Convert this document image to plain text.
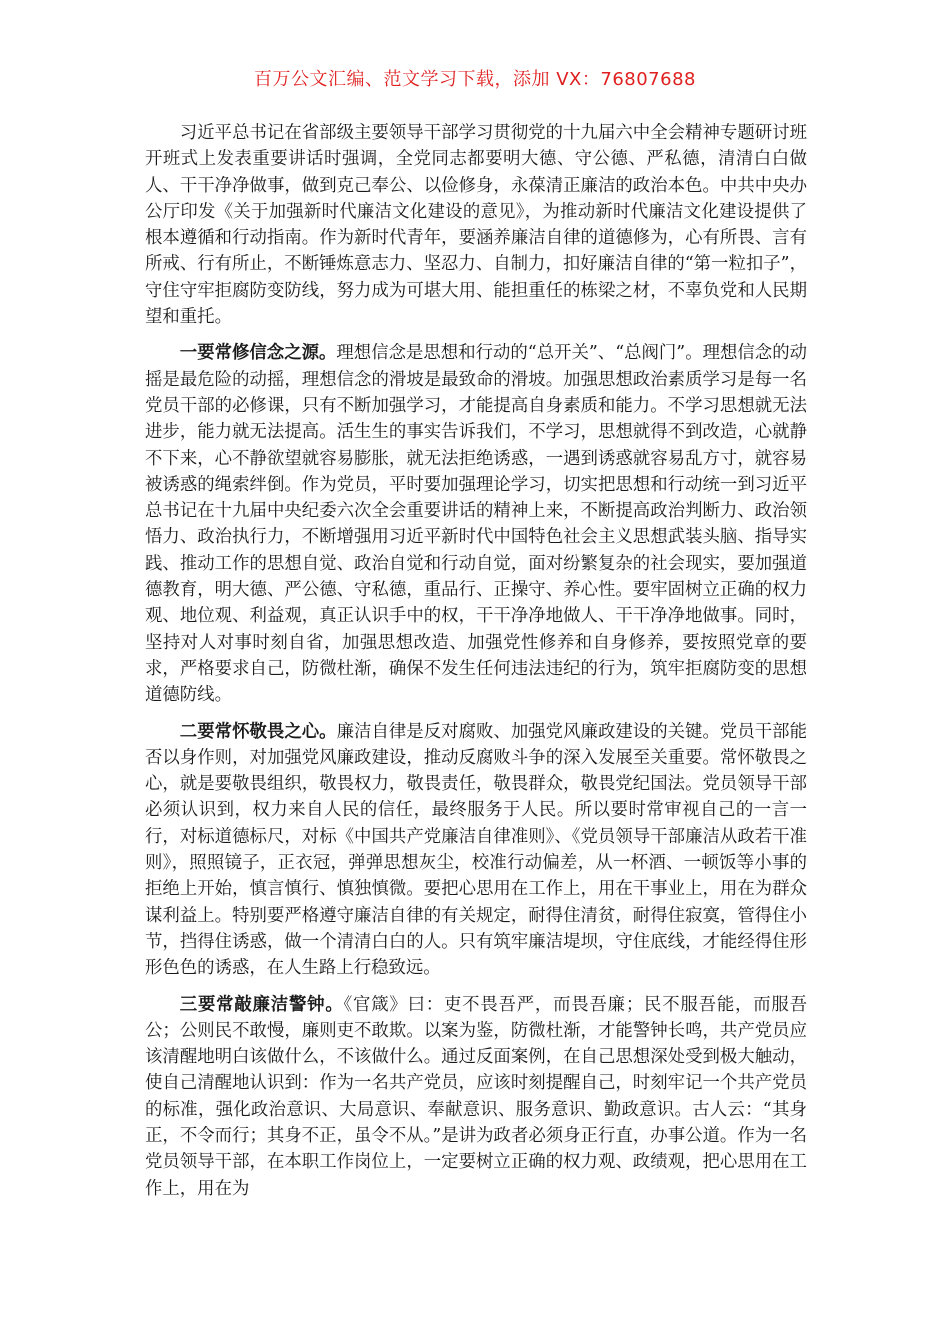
百万公文汇编、范文学习下载，添加 VX：76807688

习近平总书记在省部级主要领导干部学习贯彻党的十九届六中全会精神专题研讨班开班式上发表重要讲话时强调，全党同志都要明大德、守公德、严私德，清清白白做人、干干净净做事，做到克己奉公、以俭修身，永葆清正廉洁的政治本色。中共中央办公厅印发《关于加强新时代廉洁文化建设的意见》，为推动新时代廉洁文化建设提供了根本遵循和行动指南。作为新时代青年，要涵养廉洁自律的道德修为，心有所畏、言有所戒、行有所止，不断锤炼意志力、坚忍力、自制力，扣好廉洁自律的“第一粒扣子”，守住守牢拒腐防变防线，努力成为可堪大用、能担重任的栋梁之材，不辜负党和人民期望和重托。

一要常修信念之源。理想信念是思想和行动的“总开关”、“总阀门”。理想信念的动摇是最危险的动摇，理想信念的滑坡是最致命的滑坡。加强思想政治素质学习是每一名党员干部的必修课，只有不断加强学习，才能提高自身素质和能力。不学习思想就无法进步，能力就无法提高。活生生的事实告诉我们，不学习，思想就得不到改造，心就静不下来，心不静欲望就容易膨胀，就无法拒绝诱惑，一遇到诱惑就容易乱方寸，就容易被诱惑的绳索绊倒。作为党员，平时要加强理论学习，切实把思想和行动统一到习近平总书记在十九届中央纪委六次全会重要讲话的精神上来，不断提高政治判断力、政治领悟力、政治执行力，不断增强用习近平新时代中国特色社会主义思想武装头脑、指导实践、推动工作的思想自觉、政治自觉和行动自觉，面对纷繁复杂的社会现实，要加强道德教育，明大德、严公德、守私德，重品行、正操守、养心性。要牢固树立正确的权力观、地位观、利益观，真正认识手中的权，干干净净地做人、干干净净地做事。同时，坚持对人对事时刻自省，加强思想改造、加强党性修养和自身修养，要按照党章的要求，严格要求自己，防微杜渐，确保不发生任何违法违纪的行为，筑牢拒腐防变的思想道德防线。

二要常怀敬畏之心。廉洁自律是反对腐败、加强党风廉政建设的关键。党员干部能否以身作则，对加强党风廉政建设，推动反腐败斗争的深入发展至关重要。常怀敬畏之心，就是要敬畏组织，敬畏权力，敬畏责任，敬畏群众，敬畏党纪国法。党员领导干部必须认识到，权力来自人民的信任，最终服务于人民。所以要时常审视自己的一言一行，对标道德标尺，对标《中国共产党廉洁自律准则》、《党员领导干部廉洁从政若干准则》，照照镜子，正衣冠，弹弹思想灰尘，校准行动偏差，从一杯酒、一顿饭等小事的拒绝上开始，慎言慎行、慎独慎微。要把心思用在工作上，用在干事业上，用在为群众谋利益上。特别要严格遵守廉洁自律的有关规定，耐得住清贫，耐得住寂寞，管得住小节，挡得住诱惑，做一个清清白白的人。只有筑牢廉洁堤坝，守住底线，才能经得住形形色色的诱惑，在人生路上行稳致远。

三要常敲廉洁警钟。《官箴》曰：吏不畏吾严，而畏吾廉；民不服吾能，而服吾公；公则民不敢慢，廉则吏不敢欺。以案为鉴，防微杜渐，才能警钟长鸣，共产党员应该清醒地明白该做什么，不该做什么。通过反面案例，在自己思想深处受到极大触动，使自己清醒地认识到：作为一名共产党员，应该时刻提醒自己，时刻牢记一个共产党员的标准，强化政治意识、大局意识、奉献意识、服务意识、勤政意识。古人云：“其身正，不令而行；其身不正，虽令不从。”是讲为政者必须身正行直，办事公道。作为一名党员领导干部，在本职工作岗位上，一定要树立正确的权力观、政绩观，把心思用在工作上，用在为
